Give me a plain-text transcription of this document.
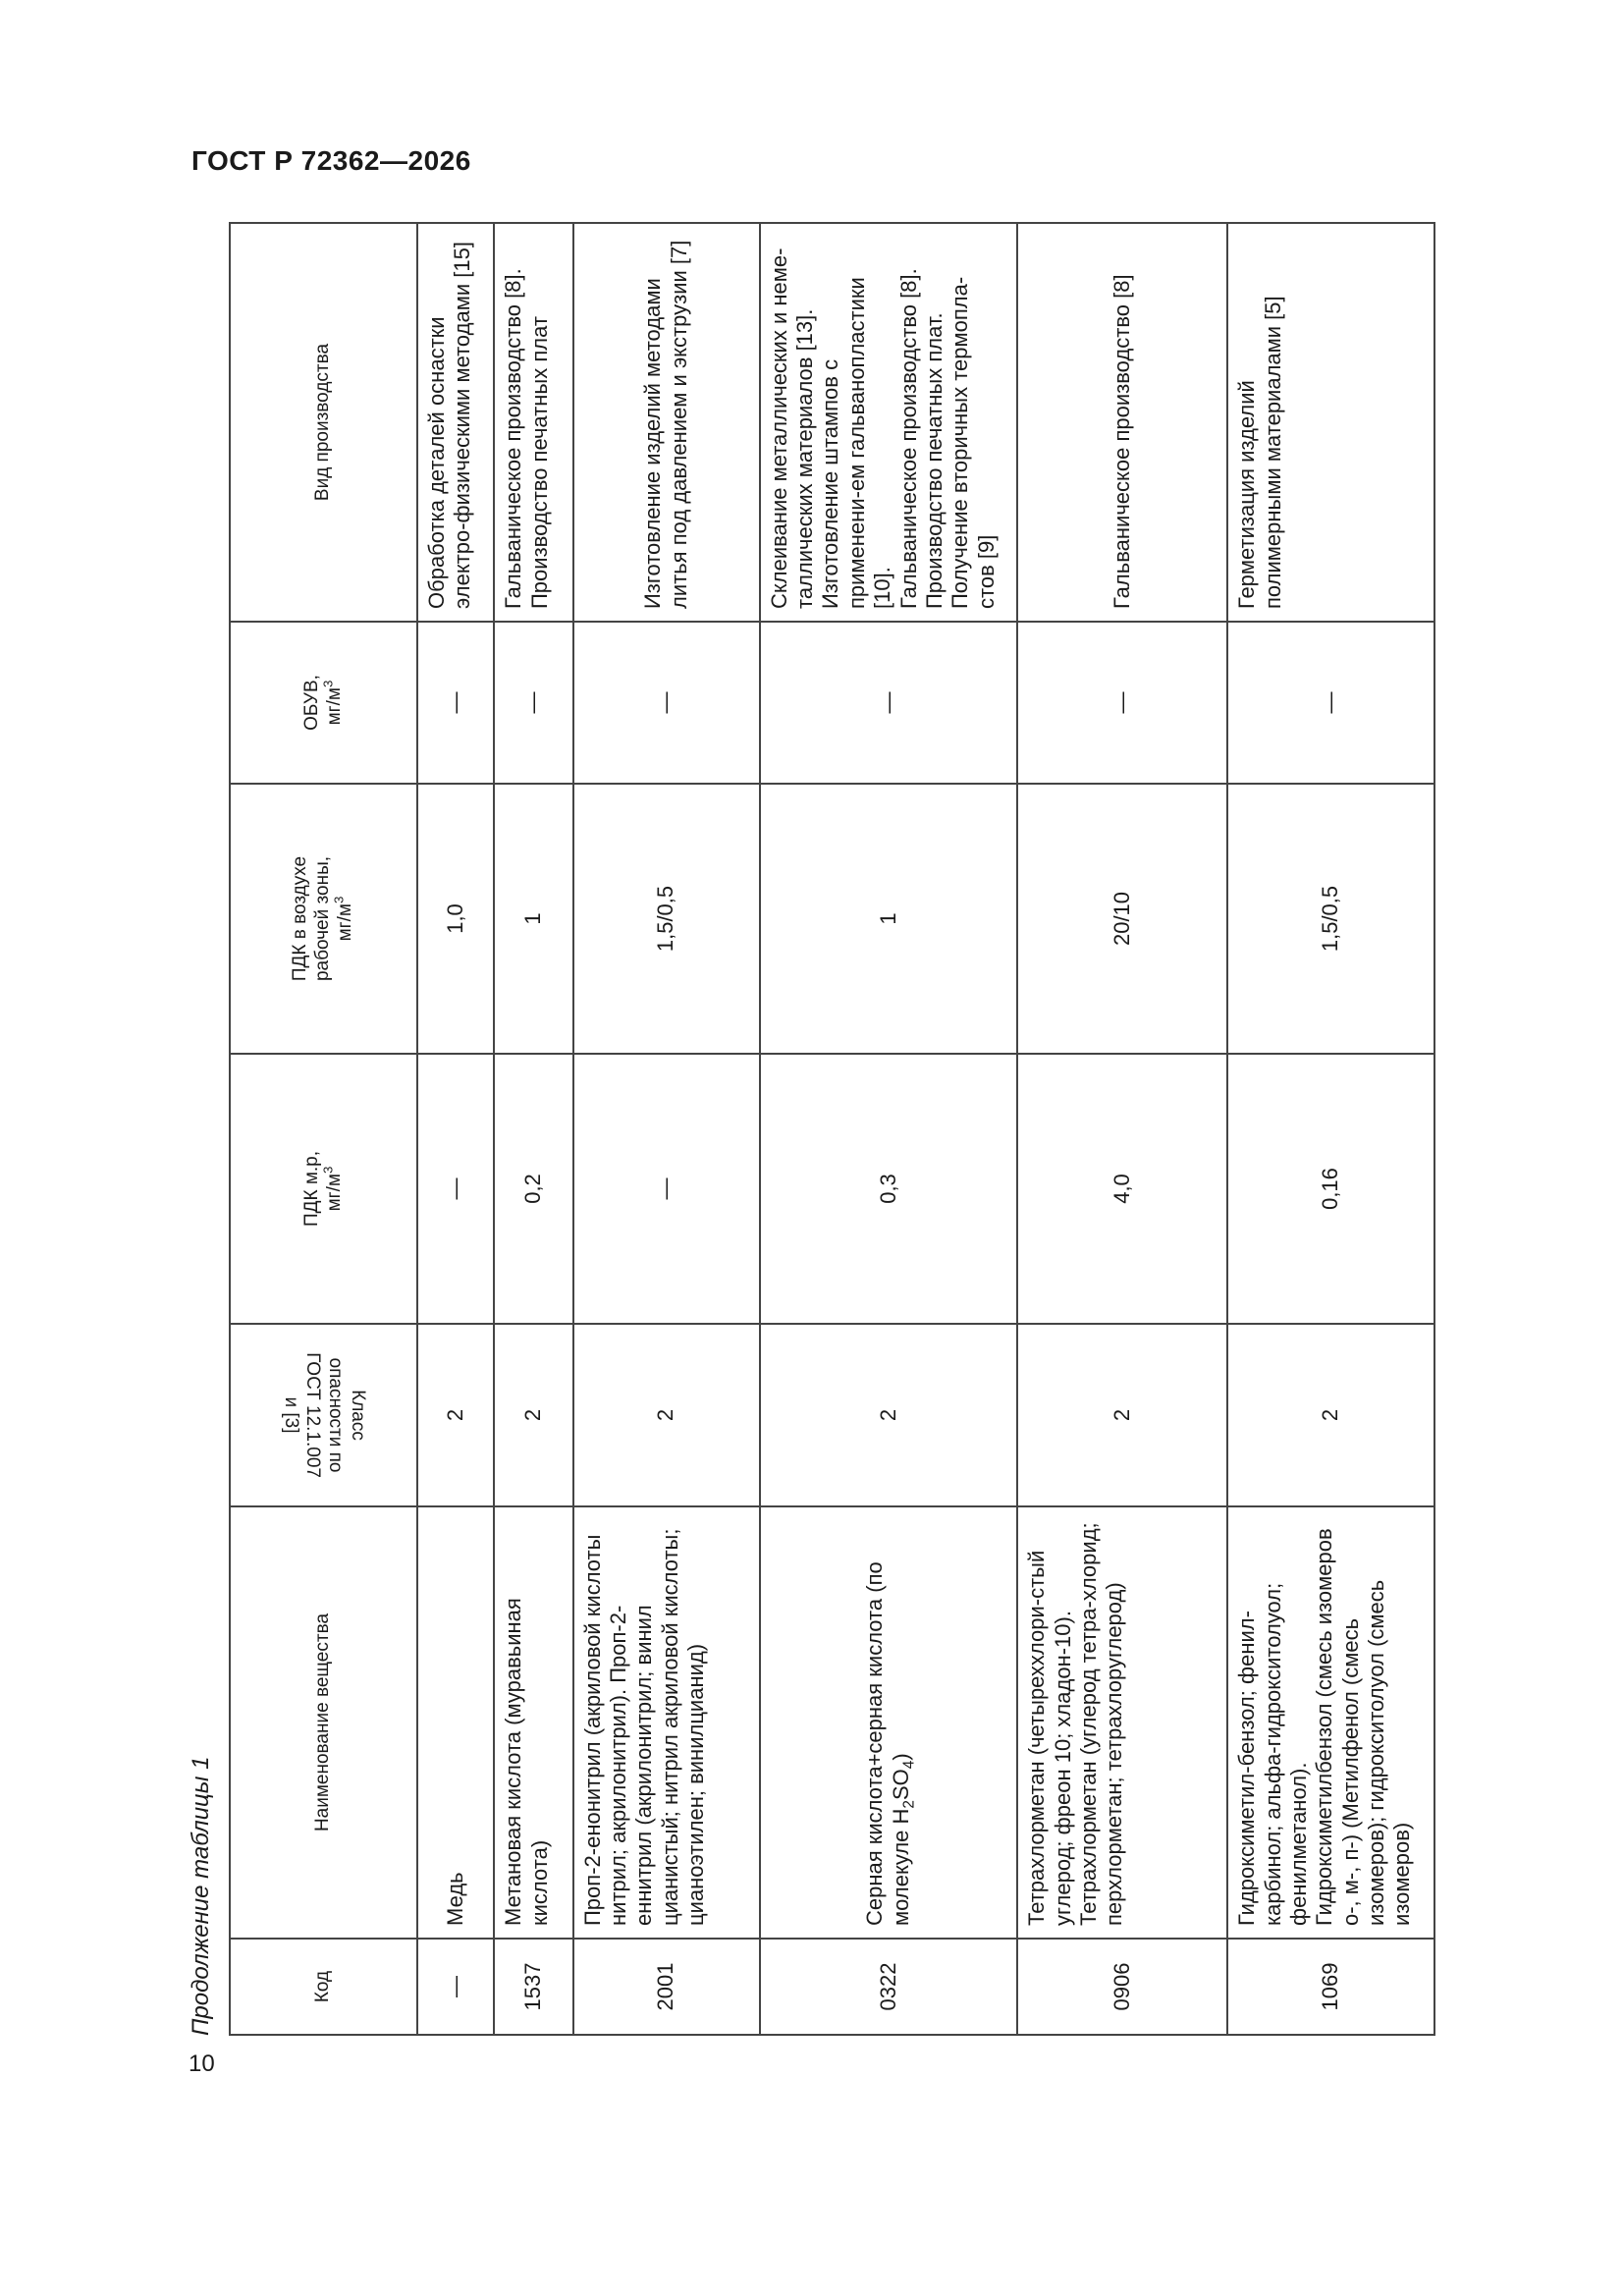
ГОСТ Р 72362—2026
10
Продолжение таблицы 1	Код	Наименование вещества	Класс
опасности по
ГОСТ 12.1.007
и [3]	ПДК м.р,
$мг/м^3$	ПДК в воздухе
рабочей зоны,
$мг/м^3$	ОБУВ,
$мг/м^3$	Вид производства
—	Медь	2	—	1,0	—	Обработка деталей оснастки электро-физическими методами [15]
1537	Метановая кислота (муравьиная кислота)	2	0,2	1	—	Гальваническое производство [8]. Производство печатных плат
2001	Проп-2-енонитрил (акриловой кислоты нитрил; акрилонитрил). Проп-2-еннитрил (акрилонитрил; винил цианистый; нитрил акриловой кислоты; цианоэтилен; винилцианид)	2	—	1,5/0,5	—	Изготовление изделий методами литья под давлением и экструзии [7]
0322	Серная кислота+серная кислота (по молекуле $H_2SO_4$)	2	0,3	1	—	Склеивание металлических и неме-таллических материалов [13].
Изготовление штампов с применени-ем гальванопластики [10].
Гальваническое производство [8].
Производство печатных плат.
Получение вторичных термопла-стов [9]
0906	Тетрахлорметан (четыреххлори-стый углерод; фреон 10; хладон-10).
Тетрахлорметан (углерод тетра-хлорид; перхлорметан; тетрахлоруглерод)	2	4,0	20/10	—	Гальваническое производство [8]
1069	Гидроксиметил-бензол; фенил-карбинол; альфа-гидрокситолуол; фенилметанол).
Гидроксиметилбензол (смесь изомеров о-, м-, п-) (Метилфенол (смесь изомеров); гидрокситолуол (смесь изомеров)	2	0,16	1,5/0,5	—	Герметизация изделий полимерными материалами [5]
